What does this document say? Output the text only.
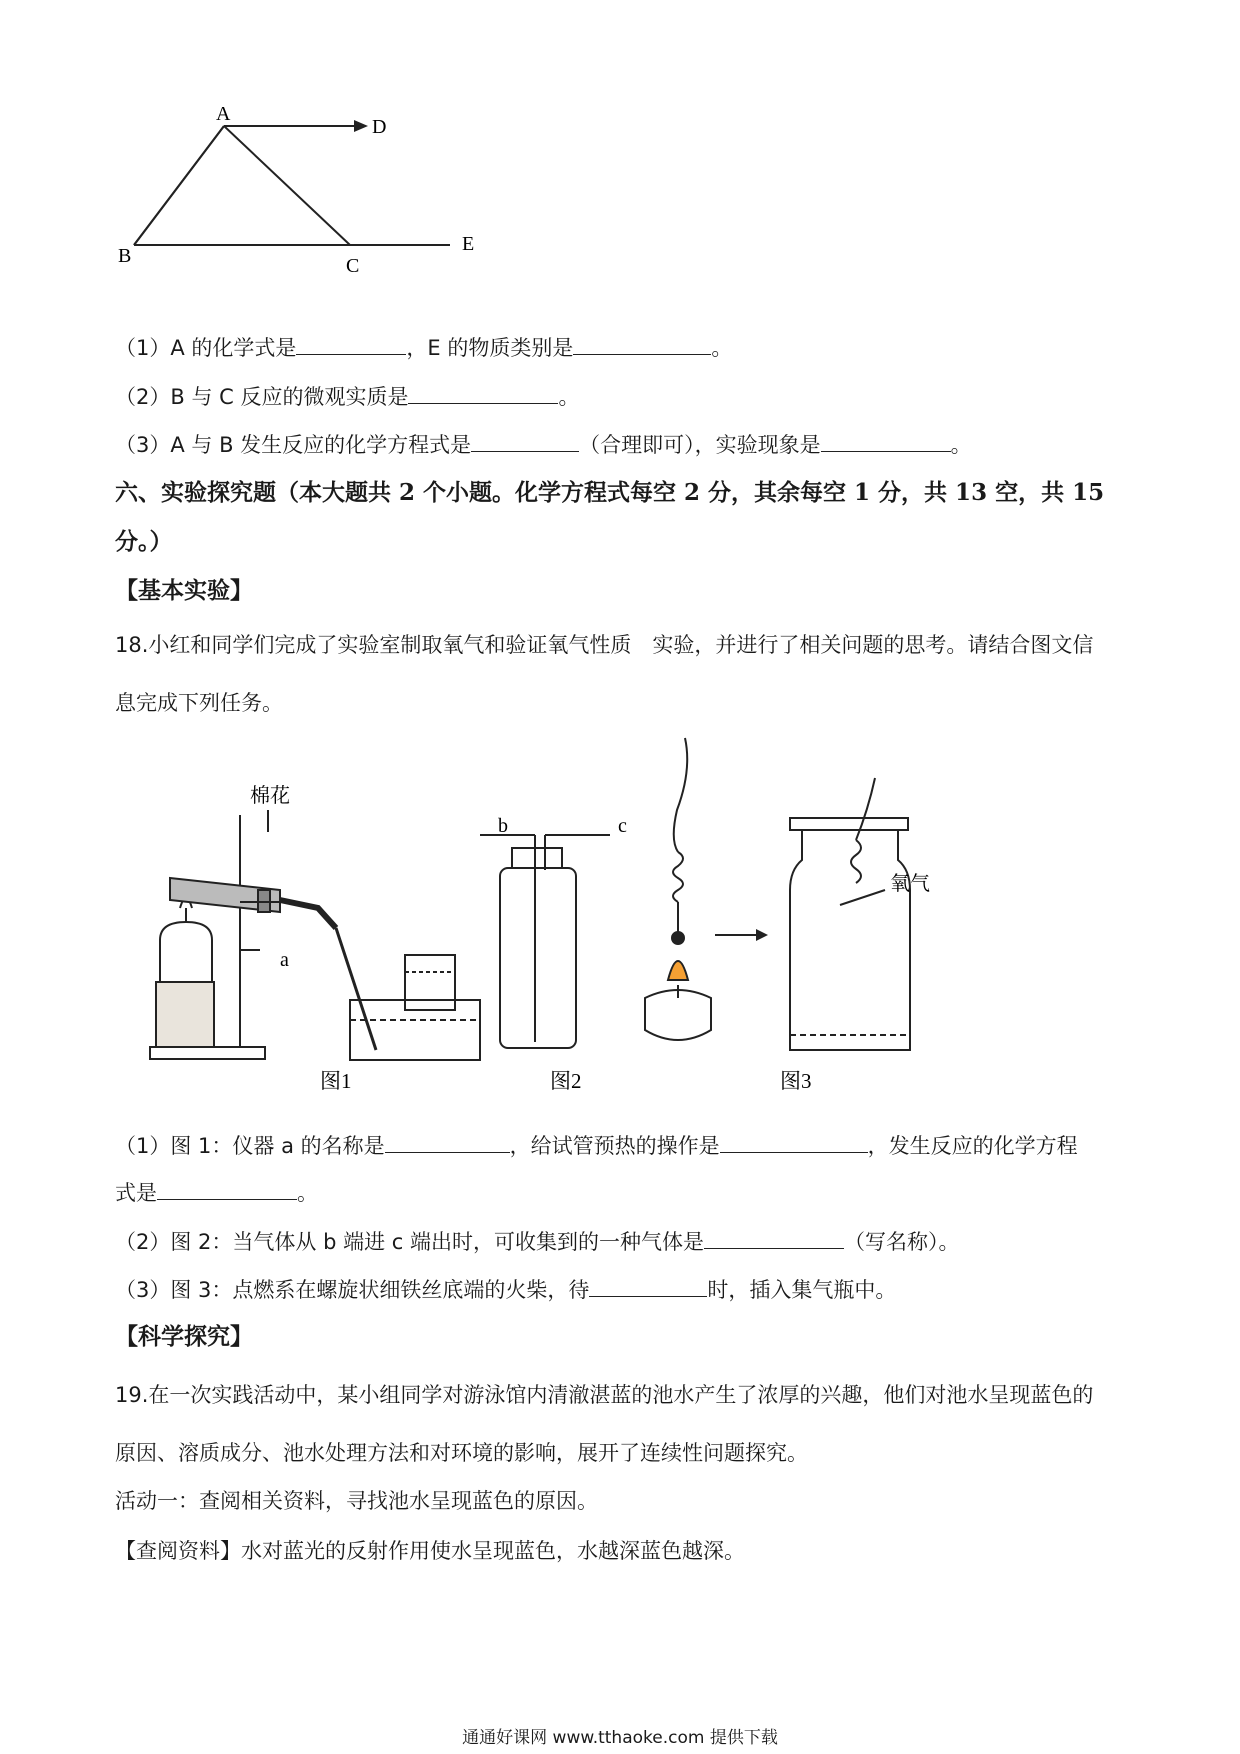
A
D
B	C
E
（1）A 的化学式是	，E 的物质类别是	。
（2）B 与 C 反应的微观实质是	。
（3）A 与 B 发生反应的化学方程式是	（合理即可），实验现象是	。
六、实验探究题（本大题共 2 个小题。化学方程式每空 2 分，其余每空 1 分，共 13 空，共 15
分。）
【基本实验】
18.小红和同学们完成了实验室制取氧气和验证氧气性质　实验，并进行了相关问题的思考。请结合图文信
息完成下列任务。
棉花
a
b	c
氧气
图1	图2	图3
（1）图 1：仪器 a 的名称是	，给试管预热的操作是	，发生反应的化学方程
式是	。
（2）图 2：当气体从 b 端进 c 端出时，可收集到的一种气体是	（写名称）。
（3）图 3：点燃系在螺旋状细铁丝底端的火柴，待	时，插入集气瓶中。
【科学探究】
19.在一次实践活动中，某小组同学对游泳馆内清澈湛蓝的池水产生了浓厚的兴趣，他们对池水呈现蓝色的
原因、溶质成分、池水处理方法和对环境的影响，展开了连续性问题探究。
活动一：查阅相关资料，寻找池水呈现蓝色的原因。
【查阅资料】水对蓝光的反射作用使水呈现蓝色，水越深蓝色越深。
通通好课网 www.tthaoke.com 提供下载
